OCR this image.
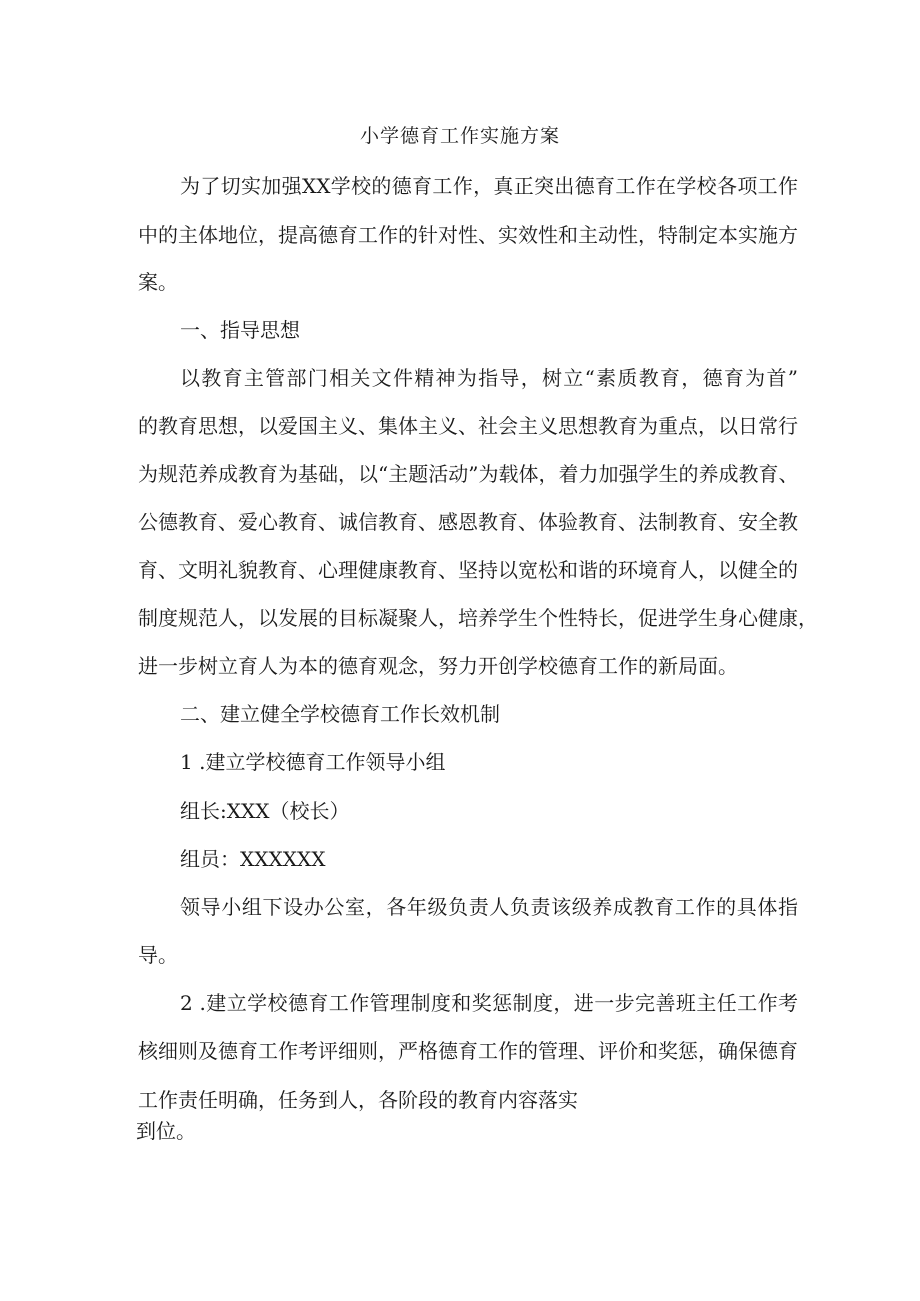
小学德育工作实施方案
为了切实加强XX学校的德育工作，真正突出德育工作在学校各项工作
中的主体地位，提高德育工作的针对性、实效性和主动性，特制定本实施方
案。
一、指导思想
以教育主管部门相关文件精神为指导，树立“素质教育，德育为首”
的教育思想，以爱国主义、集体主义、社会主义思想教育为重点，以日常行
为规范养成教育为基础，以“主题活动”为载体，着力加强学生的养成教育、
公德教育、爱心教育、诚信教育、感恩教育、体验教育、法制教育、安全教
育、文明礼貌教育、心理健康教育、坚持以宽松和谐的环境育人，以健全的
制度规范人，以发展的目标凝聚人，培养学生个性特长，促进学生身心健康，
进一步树立育人为本的德育观念，努力开创学校德育工作的新局面。
二、建立健全学校德育工作长效机制
1 .建立学校德育工作领导小组
组长:XXX（校长）
组员：XXXXXX
领导小组下设办公室，各年级负责人负责该级养成教育工作的具体指
导。
2 .建立学校德育工作管理制度和奖惩制度，进一步完善班主任工作考
核细则及德育工作考评细则，严格德育工作的管理、评价和奖惩，确保德育
工作责任明确，任务到人，各阶段的教育内容落实
到位。
